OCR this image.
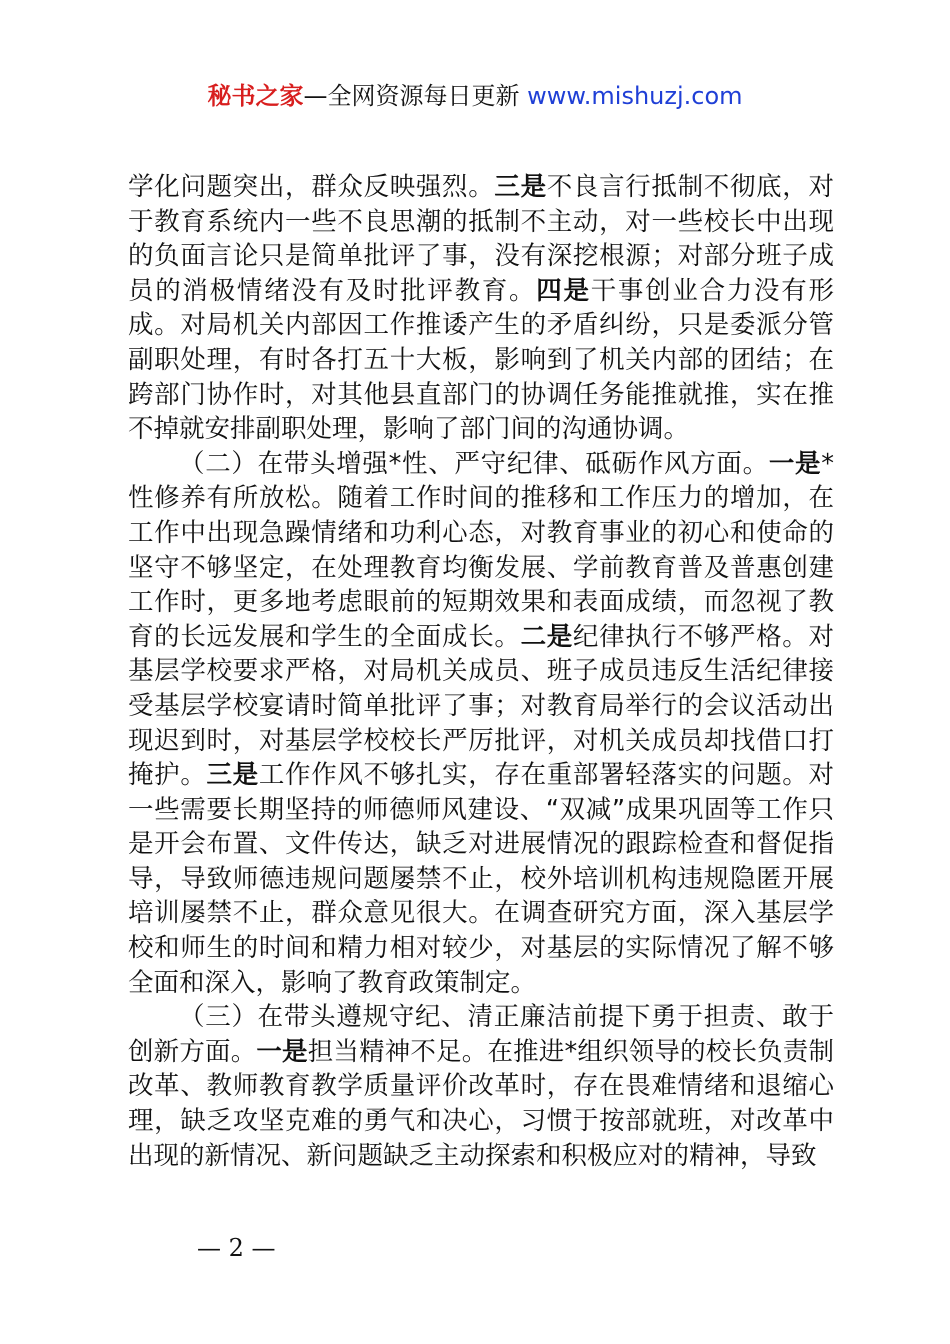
秘书之家—全网资源每日更新 www.mishuzj.com

学化问题突出，群众反映强烈。三是不良言行抵制不彻底，对于教育系统内一些不良思潮的抵制不主动，对一些校长中出现的负面言论只是简单批评了事，没有深挖根源；对部分班子成员的消极情绪没有及时批评教育。四是干事创业合力没有形成。对局机关内部因工作推诿产生的矛盾纠纷，只是委派分管副职处理，有时各打五十大板，影响到了机关内部的团结；在跨部门协作时，对其他县直部门的协调任务能推就推，实在推不掉就安排副职处理，影响了部门间的沟通协调。

（二）在带头增强*性、严守纪律、砥砺作风方面。一是*性修养有所放松。随着工作时间的推移和工作压力的增加，在工作中出现急躁情绪和功利心态，对教育事业的初心和使命的坚守不够坚定，在处理教育均衡发展、学前教育普及普惠创建工作时，更多地考虑眼前的短期效果和表面成绩，而忽视了教育的长远发展和学生的全面成长。二是纪律执行不够严格。对基层学校要求严格，对局机关成员、班子成员违反生活纪律接受基层学校宴请时简单批评了事；对教育局举行的会议活动出现迟到时，对基层学校校长严厉批评，对机关成员却找借口打掩护。三是工作作风不够扎实，存在重部署轻落实的问题。对一些需要长期坚持的师德师风建设、“双减”成果巩固等工作只是开会布置、文件传达，缺乏对进展情况的跟踪检查和督促指导，导致师德违规问题屡禁不止，校外培训机构违规隐匿开展培训屡禁不止，群众意见很大。在调查研究方面，深入基层学校和师生的时间和精力相对较少，对基层的实际情况了解不够全面和深入，影响了教育政策制定。

（三）在带头遵规守纪、清正廉洁前提下勇于担责、敢于创新方面。一是担当精神不足。在推进*组织领导的校长负责制改革、教师教育教学质量评价改革时，存在畏难情绪和退缩心理，缺乏攻坚克难的勇气和决心，习惯于按部就班，对改革中出现的新情况、新问题缺乏主动探索和积极应对的精神，导致

— 2 —
